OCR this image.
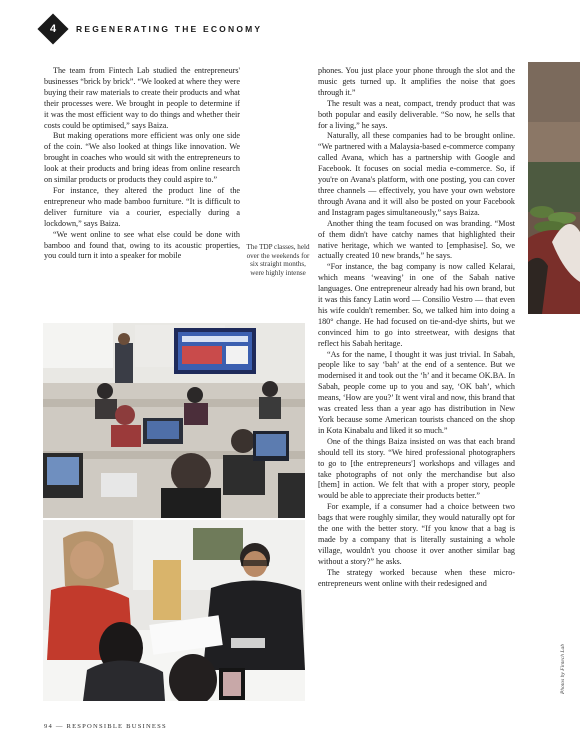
4 REGENERATING THE ECONOMY

The team from Fintech Lab studied the entrepreneurs' businesses “brick by brick”. “We looked at where they were buying their raw materials to create their products and what their processes were. We brought in people to determine if it was the most efficient way to do things and whether their costs could be optimised,” says Baiza.

But making operations more efficient was only one side of the coin. “We also looked at things like innovation. We brought in coaches who would sit with the entrepreneurs to look at their products and bring ideas from online research on similar products or products they could aspire to.”

For instance, they altered the product line of the entrepreneur who made bamboo furniture. “It is difficult to deliver furniture via a courier, especially during a lockdown,” says Baiza.

“We went online to see what else could be done with bamboo and found that, owing to its acoustic properties, you could turn it into a speaker for mobile

The TDP classes, held over the weekends for six straight months, were highly intense

phones. You just place your phone through the slot and the music gets turned up. It amplifies the noise that goes through it.”

The result was a neat, compact, trendy product that was both popular and easily deliverable. “So now, he sells that for a living,” he says.

Naturally, all these companies had to be brought online. “We partnered with a Malaysia-based e-commerce company called Avana, which has a partnership with Google and Facebook. It focuses on social media e-commerce. So, if you're on Avana's platform, with one posting, you can cover three channels — effectively, you have your own webstore through Avana and it will also be posted on your Facebook and Instagram pages simultaneously,” says Baiza.

Another thing the team focused on was branding. “Most of them didn't have catchy names that highlighted their native heritage, which we wanted to [emphasise]. So, we actually created 10 new brands,” he says.

“For instance, the bag company is now called Kelarai, which means ‘weaving’ in one of the Sabah native languages. One entrepreneur already had his own brand, but it was this fancy Latin word — Consilio Vestro — that even his wife couldn't remember. So, we talked him into doing a 180° change. He had focused on tie-and-dye shirts, but we convinced him to go into streetwear, with designs that reflect his Sabah heritage.

“As for the name, I thought it was just trivial. In Sabah, people like to say ‘bah’ at the end of a sentence. But we modernised it and took out the ‘h’ and it became OK.BA. In Sabah, people come up to you and say, ‘OK bah’, which means, ‘How are you?’ It went viral and now, this brand that was created less than a year ago has distribution in New York because some American tourists chanced on the shop in Kota Kinabalu and liked it so much.”

One of the things Baiza insisted on was that each brand should tell its story. “We hired professional photographers to go to [the entrepreneurs'] workshops and villages and take photographs of not only the merchandise but also [them] in action. We felt that with a proper story, people would be able to appreciate their products better.”

For example, if a consumer had a choice between two bags that were roughly similar, they would naturally opt for the one with the better story. “If you know that a bag is made by a company that is literally sustaining a whole village, wouldn't you choose it over another similar bag without a story?” he asks.

The strategy worked because when these micro-entrepreneurs went online with their redesigned and

Photos by Fintech Lab
94 — RESPONSIBLE BUSINESS
